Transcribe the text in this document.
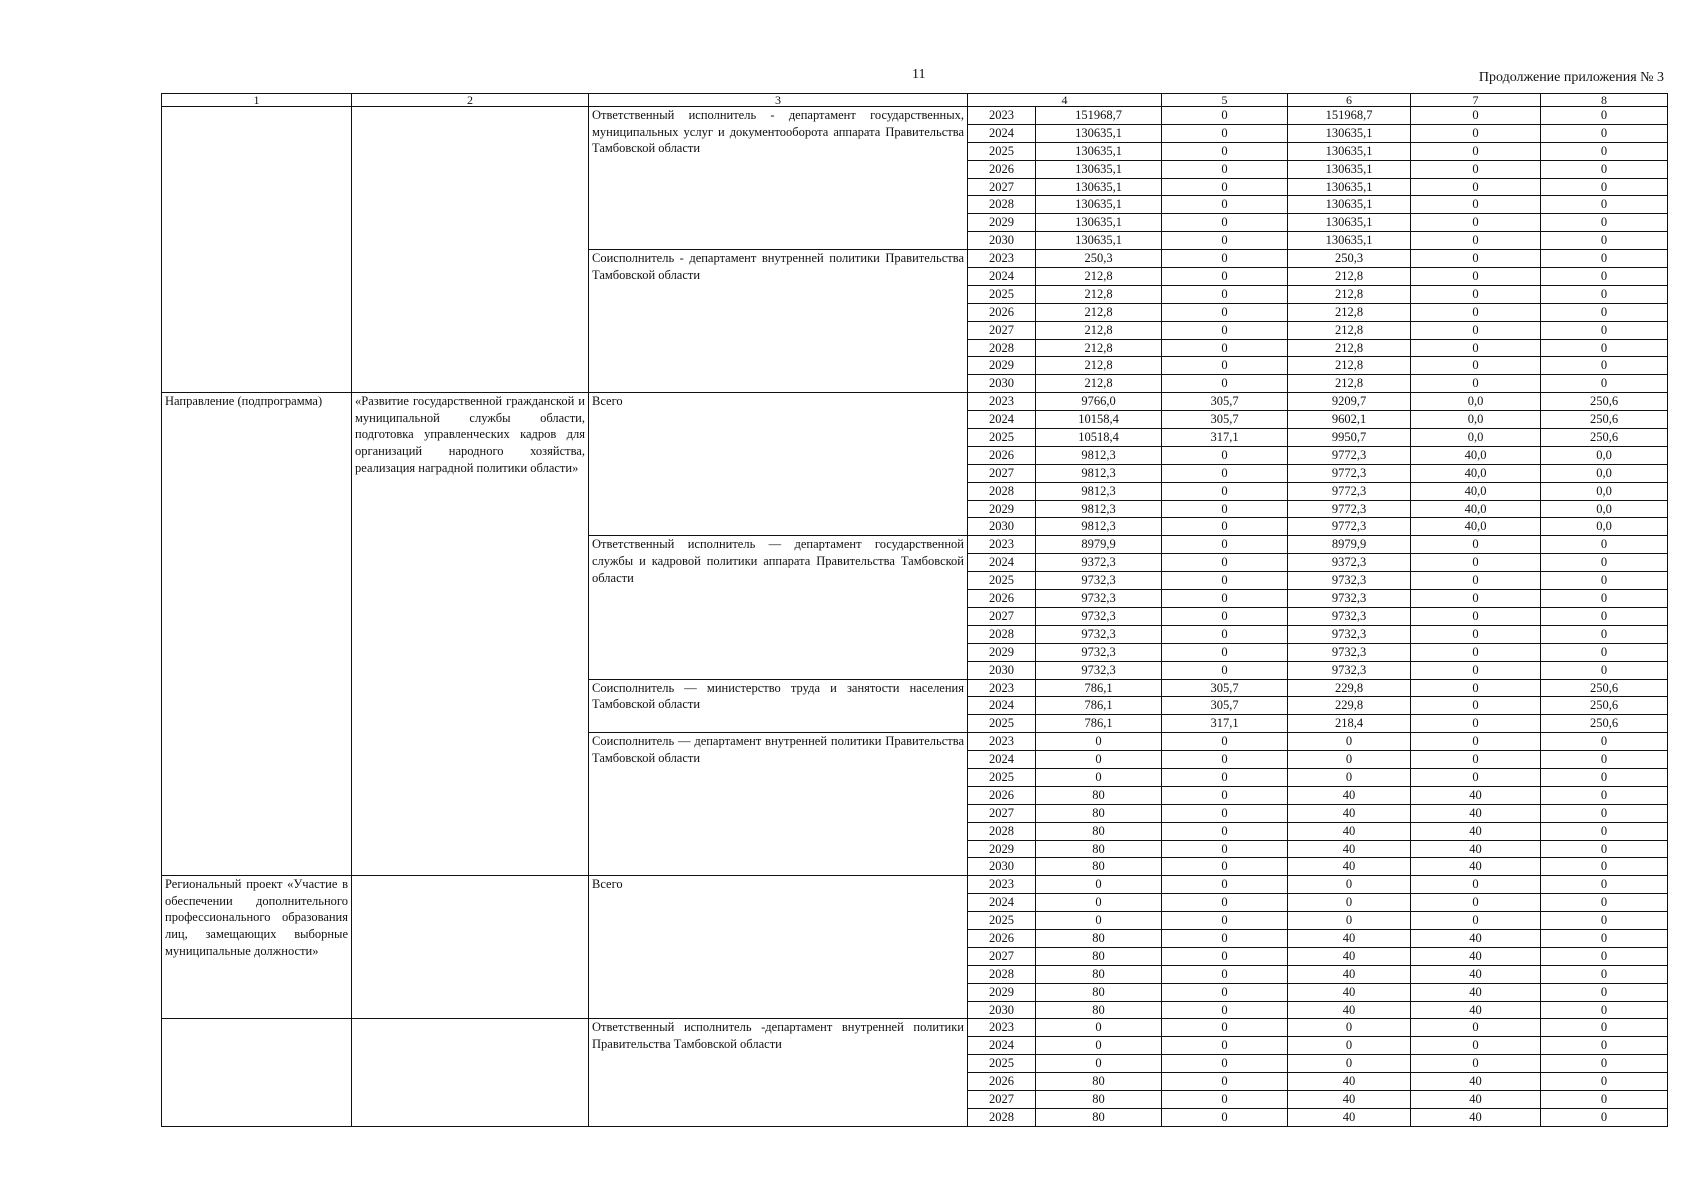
11	Продолжение приложения № 3
1	2	3	4		5	6	7	8
		Ответственный исполнитель - департамент государственных, муниципальных услуг и документооборота аппарата Правительства Тамбовской области	2023	151968,7	0	151968,7	0	0
			2024	130635,1	0	130635,1	0	0
			2025	130635,1	0	130635,1	0	0
			2026	130635,1	0	130635,1	0	0
			2027	130635,1	0	130635,1	0	0
			2028	130635,1	0	130635,1	0	0
			2029	130635,1	0	130635,1	0	0
			2030	130635,1	0	130635,1	0	0
		Соисполнитель - департамент внутренней политики Правительства Тамбовской области	2023	250,3	0	250,3	0	0
			2024	212,8	0	212,8	0	0
			2025	212,8	0	212,8	0	0
			2026	212,8	0	212,8	0	0
			2027	212,8	0	212,8	0	0
			2028	212,8	0	212,8	0	0
			2029	212,8	0	212,8	0	0
			2030	212,8	0	212,8	0	0
Направление (подпрограмма)	«Развитие государственной гражданской и муниципальной службы области, подготовка управленческих кадров для организаций народного хозяйства, реализация наградной политики области»	Всего	2023	9766,0	305,7	9209,7	0,0	250,6
			2024	10158,4	305,7	9602,1	0,0	250,6
			2025	10518,4	317,1	9950,7	0,0	250,6
			2026	9812,3	0	9772,3	40,0	0,0
			2027	9812,3	0	9772,3	40,0	0,0
			2028	9812,3	0	9772,3	40,0	0,0
			2029	9812,3	0	9772,3	40,0	0,0
			2030	9812,3	0	9772,3	40,0	0,0
		Ответственный исполнитель — департамент государственной службы и кадровой политики аппарата Правительства Тамбовской области	2023	8979,9	0	8979,9	0	0
			2024	9372,3	0	9372,3	0	0
			2025	9732,3	0	9732,3	0	0
			2026	9732,3	0	9732,3	0	0
			2027	9732,3	0	9732,3	0	0
			2028	9732,3	0	9732,3	0	0
			2029	9732,3	0	9732,3	0	0
			2030	9732,3	0	9732,3	0	0
		Соисполнитель — министерство труда и занятости населения Тамбовской области	2023	786,1	305,7	229,8	0	250,6
			2024	786,1	305,7	229,8	0	250,6
			2025	786,1	317,1	218,4	0	250,6
		Соисполнитель — департамент внутренней политики Правительства Тамбовской области	2023	0	0	0	0	0
			2024	0	0	0	0	0
			2025	0	0	0	0	0
			2026	80	0	40	40	0
			2027	80	0	40	40	0
			2028	80	0	40	40	0
			2029	80	0	40	40	0
			2030	80	0	40	40	0
Региональный проект «Участие в обеспечении дополнительного профессионального образования лиц, замещающих выборные муниципальные должности»		Всего	2023	0	0	0	0	0
			2024	0	0	0	0	0
			2025	0	0	0	0	0
			2026	80	0	40	40	0
			2027	80	0	40	40	0
			2028	80	0	40	40	0
			2029	80	0	40	40	0
			2030	80	0	40	40	0
		Ответственный исполнитель -департамент внутренней политики Правительства Тамбовской области	2023	0	0	0	0	0
			2024	0	0	0	0	0
			2025	0	0	0	0	0
			2026	80	0	40	40	0
			2027	80	0	40	40	0
			2028	80	0	40	40	0
